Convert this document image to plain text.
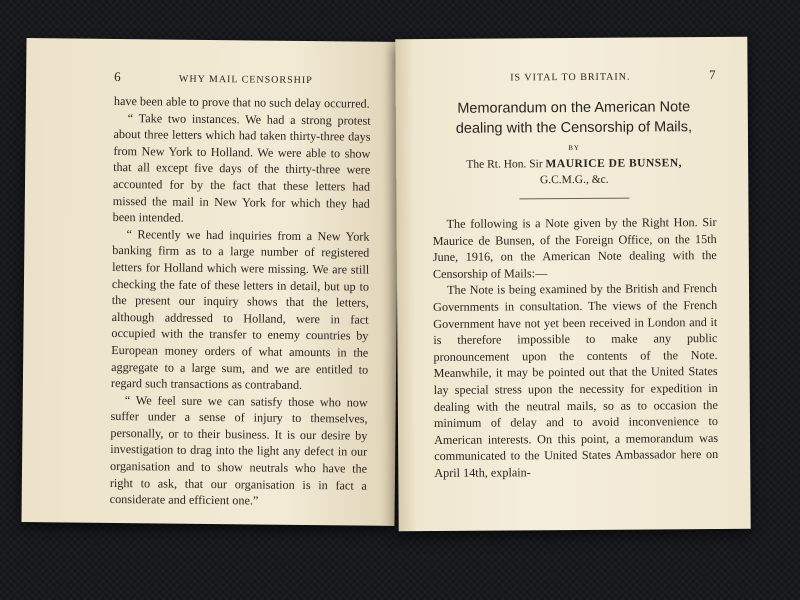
6	WHY MAIL CENSORSHIP

have been able to prove that no such delay occurred.

“ Take two instances. We had a strong protest about three letters which had taken thirty-three days from New York to Holland. We were able to show that all except five days of the thirty-three were accounted for by the fact that these letters had missed the mail in New York for which they had been intended.

“ Recently we had inquiries from a New York banking firm as to a large number of registered letters for Holland which were missing. We are still checking the fate of these letters in detail, but up to the present our inquiry shows that the letters, although addressed to Holland, were in fact occupied with the transfer to enemy countries by European money orders of what amounts in the aggregate to a large sum, and we are entitled to regard such transactions as contraband.

“ We feel sure we can satisfy those who now suffer under a sense of injury to themselves, personally, or to their business. It is our desire by investigation to drag into the light any defect in our organisation and to show neutrals who have the right to ask, that our organisation is in fact a considerate and efficient one.”

IS VITAL TO BRITAIN.	7
Memorandum on the American Note
dealing with the Censorship of Mails,
BY
The Rt. Hon. Sir MAURICE DE BUNSEN,
G.C.M.G., &c.

The following is a Note given by the Right Hon. Sir Maurice de Bunsen, of the Foreign Office, on the 15th June, 1916, on the American Note dealing with the Censorship of Mails:—

The Note is being examined by the British and French Governments in consultation. The views of the French Government have not yet been received in London and it is therefore impossible to make any public pronouncement upon the contents of the Note. Meanwhile, it may be pointed out that the United States lay special stress upon the necessity for expedition in dealing with the neutral mails, so as to occasion the minimum of delay and to avoid inconvenience to American interests. On this point, a memorandum was communicated to the United States Ambassador here on April 14th, explain-
